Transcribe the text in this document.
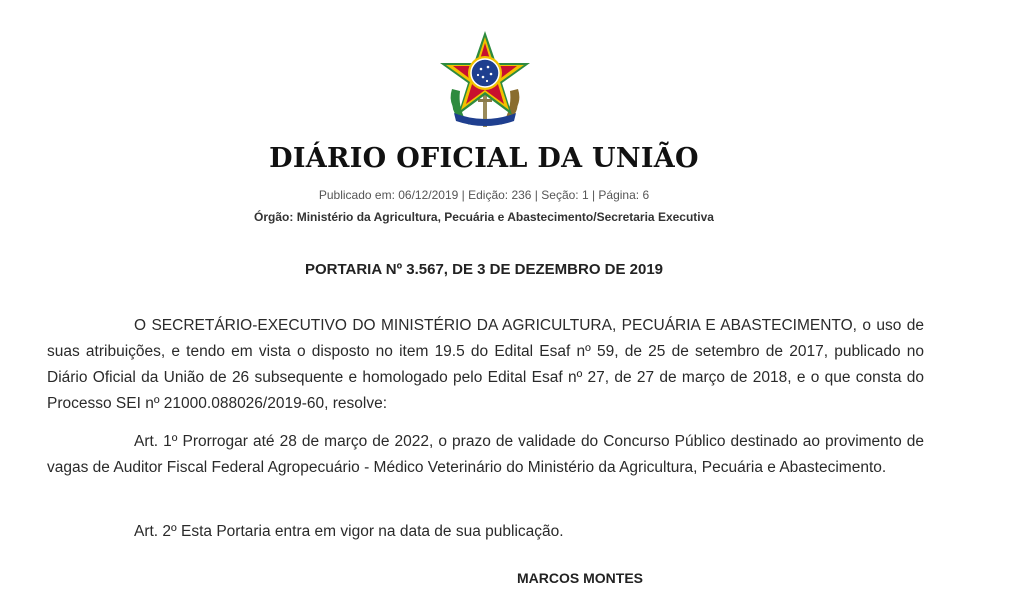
DIÁRIO OFICIAL DA UNIÃO
Publicado em: 06/12/2019 | Edição: 236 | Seção: 1 | Página: 6
Órgão: Ministério da Agricultura, Pecuária e Abastecimento/Secretaria Executiva
PORTARIA Nº 3.567, DE 3 DE DEZEMBRO DE 2019
O SECRETÁRIO-EXECUTIVO DO MINISTÉRIO DA AGRICULTURA, PECUÁRIA E ABASTECIMENTO, o uso de suas atribuições, e tendo em vista o disposto no item 19.5 do Edital Esaf nº 59, de 25 de setembro de 2017, publicado no Diário Oficial da União de 26 subsequente e homologado pelo Edital Esaf nº 27, de 27 de março de 2018, e o que consta do Processo SEI nº 21000.088026/2019-60, resolve:
Art. 1º Prorrogar até 28 de março de 2022, o prazo de validade do Concurso Público destinado ao provimento de vagas de Auditor Fiscal Federal Agropecuário - Médico Veterinário do Ministério da Agricultura, Pecuária e Abastecimento.
Art. 2º Esta Portaria entra em vigor na data de sua publicação.
MARCOS MONTES
